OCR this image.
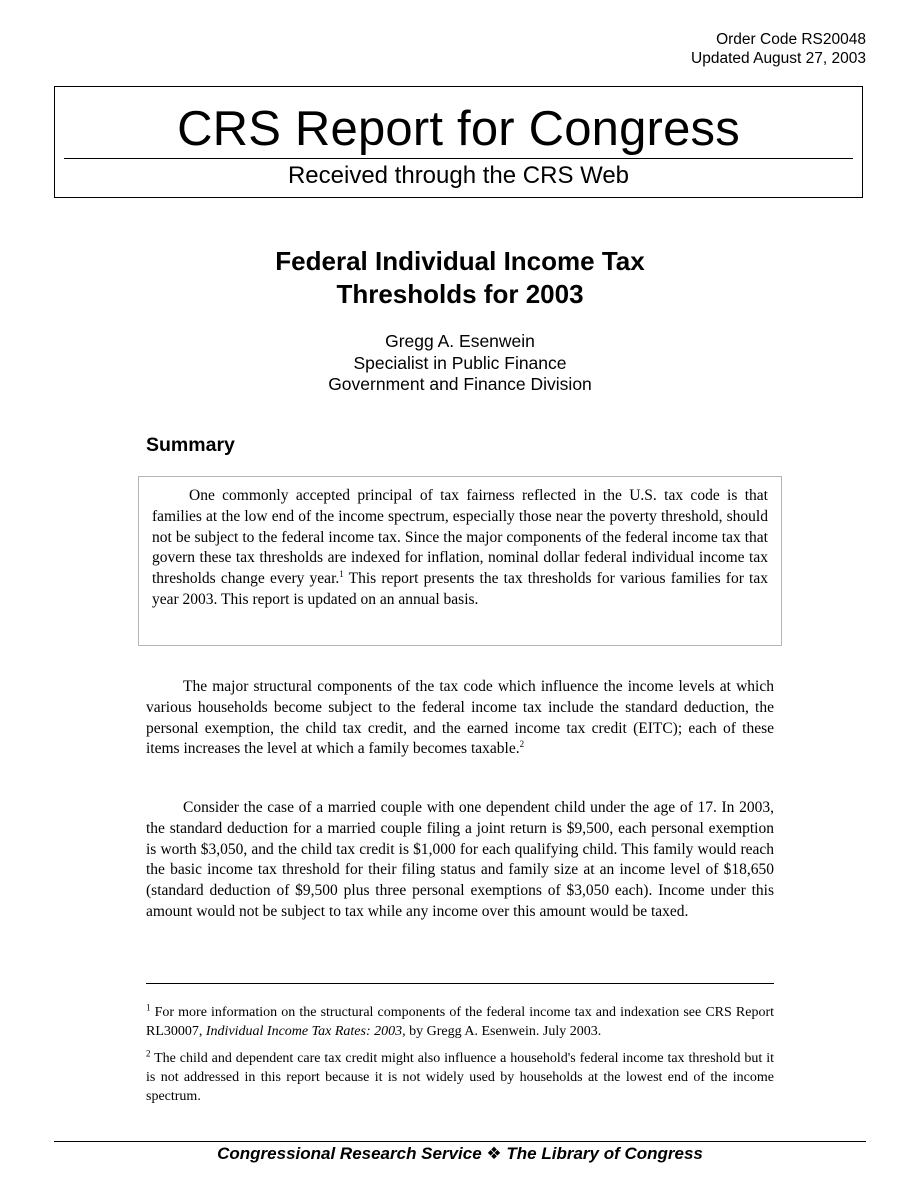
Order Code RS20048
Updated August 27, 2003
CRS Report for Congress
Received through the CRS Web
Federal Individual Income Tax
Thresholds for 2003
Gregg A. Esenwein
Specialist in Public Finance
Government and Finance Division
Summary

One commonly accepted principal of tax fairness reflected in the U.S. tax code is that families at the low end of the income spectrum, especially those near the poverty threshold, should not be subject to the federal income tax. Since the major components of the federal income tax that govern these tax thresholds are indexed for inflation, nominal dollar federal individual income tax thresholds change every year.$^1$ This report presents the tax thresholds for various families for tax year 2003. This report is updated on an annual basis.

The major structural components of the tax code which influence the income levels at which various households become subject to the federal income tax include the standard deduction, the personal exemption, the child tax credit, and the earned income tax credit (EITC); each of these items increases the level at which a family becomes taxable.$^2$

Consider the case of a married couple with one dependent child under the age of 17. In 2003, the standard deduction for a married couple filing a joint return is $9,500, each personal exemption is worth $3,050, and the child tax credit is $1,000 for each qualifying child. This family would reach the basic income tax threshold for their filing status and family size at an income level of $18,650 (standard deduction of $9,500 plus three personal exemptions of $3,050 each). Income under this amount would not be subject to tax while any income over this amount would be taxed.

$^1$ For more information on the structural components of the federal income tax and indexation see CRS Report RL30007, Individual Income Tax Rates: 2003, by Gregg A. Esenwein. July 2003.

$^2$ The child and dependent care tax credit might also influence a household's federal income tax threshold but it is not addressed in this report because it is not widely used by households at the lowest end of the income spectrum.

Congressional Research Service ❖ The Library of Congress
